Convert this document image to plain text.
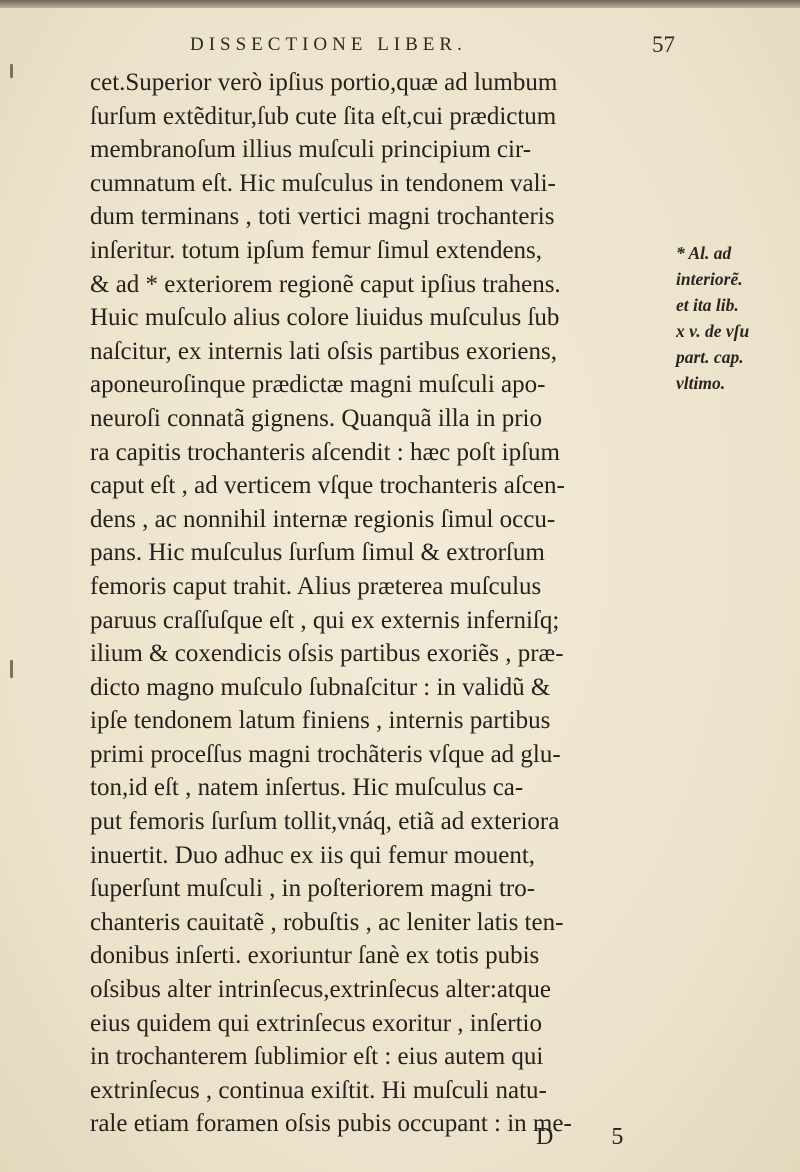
DISSECTIONE LIBER.	57
cet.Superior verò ipſius portio,quæ ad lumbum
ſurſum extẽditur,ſub cute ſita eſt,cui prædictum
membranoſum illius muſculi principium cir-
cumnatum eſt. Hic muſculus in tendonem vali-
dum terminans , toti vertici magni trochanteris
inſeritur. totum ipſum femur ſimul extendens,
& ad * exteriorem regionẽ caput ipſius trahens.
Huic muſculo alius colore liuidus muſculus ſub
naſcitur, ex internis lati oſsis partibus exoriens,
aponeuroſinque prædictæ magni muſculi apo-
neuroſi connatã gignens. Quanquã illa in prio
ra capitis trochanteris aſcendit : hæc poſt ipſum
caput eſt , ad verticem vſque trochanteris aſcen-
dens , ac nonnihil internæ regionis ſimul occu-
pans. Hic muſculus ſurſum ſimul & extrorſum
femoris caput trahit. Alius præterea muſculus
paruus craſſuſque eſt , qui ex externis inferniſq;
ilium & coxendicis oſsis partibus exoriẽs , præ-
dicto magno muſculo ſubnaſcitur : in validũ &
ipſe tendonem latum finiens , internis partibus
primi proceſſus magni trochãteris vſque ad glu-
ton,id eſt , natem inſertus. Hic muſculus ca-
put femoris ſurſum tollit,vnáq, etiã ad exteriora
inuertit. Duo adhuc ex iis qui femur mouent,
ſuperſunt muſculi , in poſteriorem magni tro-
chanteris cauitatẽ , robuſtis , ac leniter latis ten-
donibus inſerti. exoriuntur ſanè ex totis pubis
oſsibus alter intrinſecus,extrinſecus alter:atque
eius quidem qui extrinſecus exoritur , inſertio
in trochanterem ſublimior eſt : eius autem qui
extrinſecus , continua exiſtit. Hi muſculi natu-
rale etiam foramen oſsis pubis occupant : in me-
* Al. ad
interiorẽ.
et ita lib.
x v. de vſu
part. cap.
vltimo.
D 5
